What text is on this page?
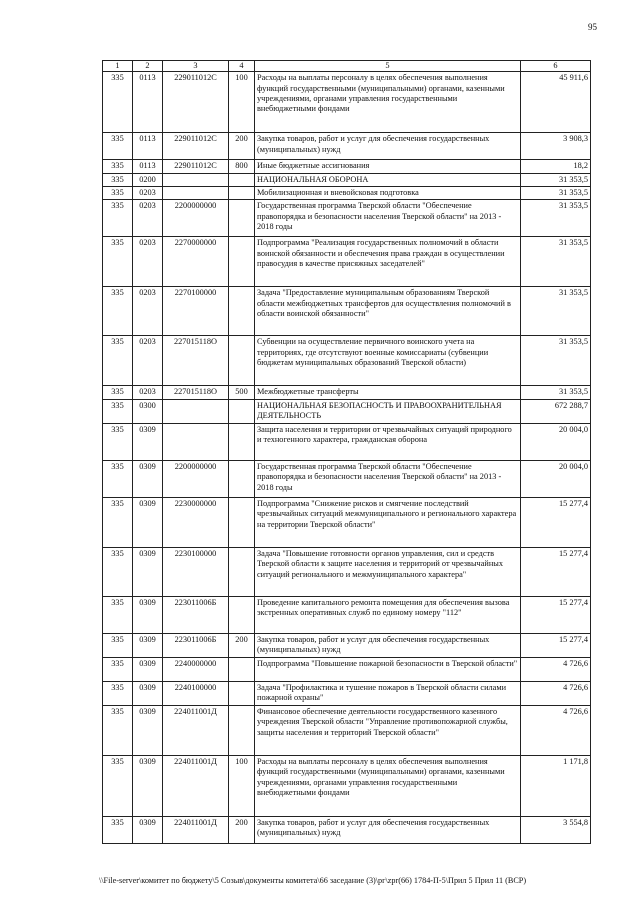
95
1	2	3	4	5	6
335	0113	229011012С	100	Расходы на выплаты персоналу в целях обеспечения выполнения функций государственными (муниципальными) органами, казенными учреждениями, органами управления государственными внебюджетными фондами	45 911,6
335	0113	229011012С	200	Закупка товаров, работ и услуг для обеспечения государственных (муниципальных) нужд	3 908,3
335	0113	229011012С	800	Иные бюджетные ассигнования	18,2
335	0200			НАЦИОНАЛЬНАЯ ОБОРОНА	31 353,5
335	0203			Мобилизационная и вневойсковая подготовка	31 353,5
335	0203	2200000000		Государственная программа Тверской области "Обеспечение правопорядка и безопасности населения Тверской области" на 2013 - 2018 годы	31 353,5
335	0203	2270000000		Подпрограмма "Реализация государственных полномочий в области воинской обязанности и обеспечения права граждан в осуществлении правосудия в качестве присяжных заседателей"	31 353,5
335	0203	2270100000		Задача "Предоставление муниципальным образованиям Тверской области межбюджетных трансфертов для осуществления полномочий в области воинской обязанности"	31 353,5
335	0203	227015118О		Субвенции на осуществление первичного воинского учета на территориях, где отсутствуют военные комиссариаты (субвенции бюджетам муниципальных образований Тверской области)	31 353,5
335	0203	227015118О	500	Межбюджетные трансферты	31 353,5
335	0300			НАЦИОНАЛЬНАЯ БЕЗОПАСНОСТЬ И ПРАВООХРАНИТЕЛЬНАЯ ДЕЯТЕЛЬНОСТЬ	672 288,7
335	0309			Защита населения и территории от чрезвычайных ситуаций природного и техногенного характера, гражданская оборона	20 004,0
335	0309	2200000000		Государственная программа Тверской области "Обеспечение правопорядка и безопасности населения Тверской области" на 2013 - 2018 годы	20 004,0
335	0309	2230000000		Подпрограмма "Снижение рисков и смягчение последствий чрезвычайных ситуаций межмуниципального и регионального характера на территории Тверской области"	15 277,4
335	0309	2230100000		Задача "Повышение готовности органов управления, сил и средств Тверской области к защите населения и территорий от чрезвычайных ситуаций регионального и межмуниципального характера"	15 277,4
335	0309	223011006Б		Проведение капитального ремонта помещения для обеспечения вызова экстренных оперативных служб по единому номеру "112"	15 277,4
335	0309	223011006Б	200	Закупка товаров, работ и услуг для обеспечения государственных (муниципальных) нужд	15 277,4
335	0309	2240000000		Подпрограмма "Повышение пожарной безопасности в Тверской области"	4 726,6
335	0309	2240100000		Задача "Профилактика и тушение пожаров в Тверской области силами пожарной охраны"	4 726,6
335	0309	224011001Д		Финансовое обеспечение деятельности государственного казенного учреждения Тверской области "Управление противопожарной службы, защиты населения и территорий Тверской области"	4 726,6
335	0309	224011001Д	100	Расходы на выплаты персоналу в целях обеспечения выполнения функций государственными (муниципальными) органами, казенными учреждениями, органами управления государственными внебюджетными фондами	1 171,8
335	0309	224011001Д	200	Закупка товаров, работ и услуг для обеспечения государственных (муниципальных) нужд	3 554,8
\\File-server\комитет по бюджету\5 Созыв\документы комитета\66 заседание (3)\рг\zpr(66) 1784-П-5\Прил 5 Прил 11 (ВСР)
